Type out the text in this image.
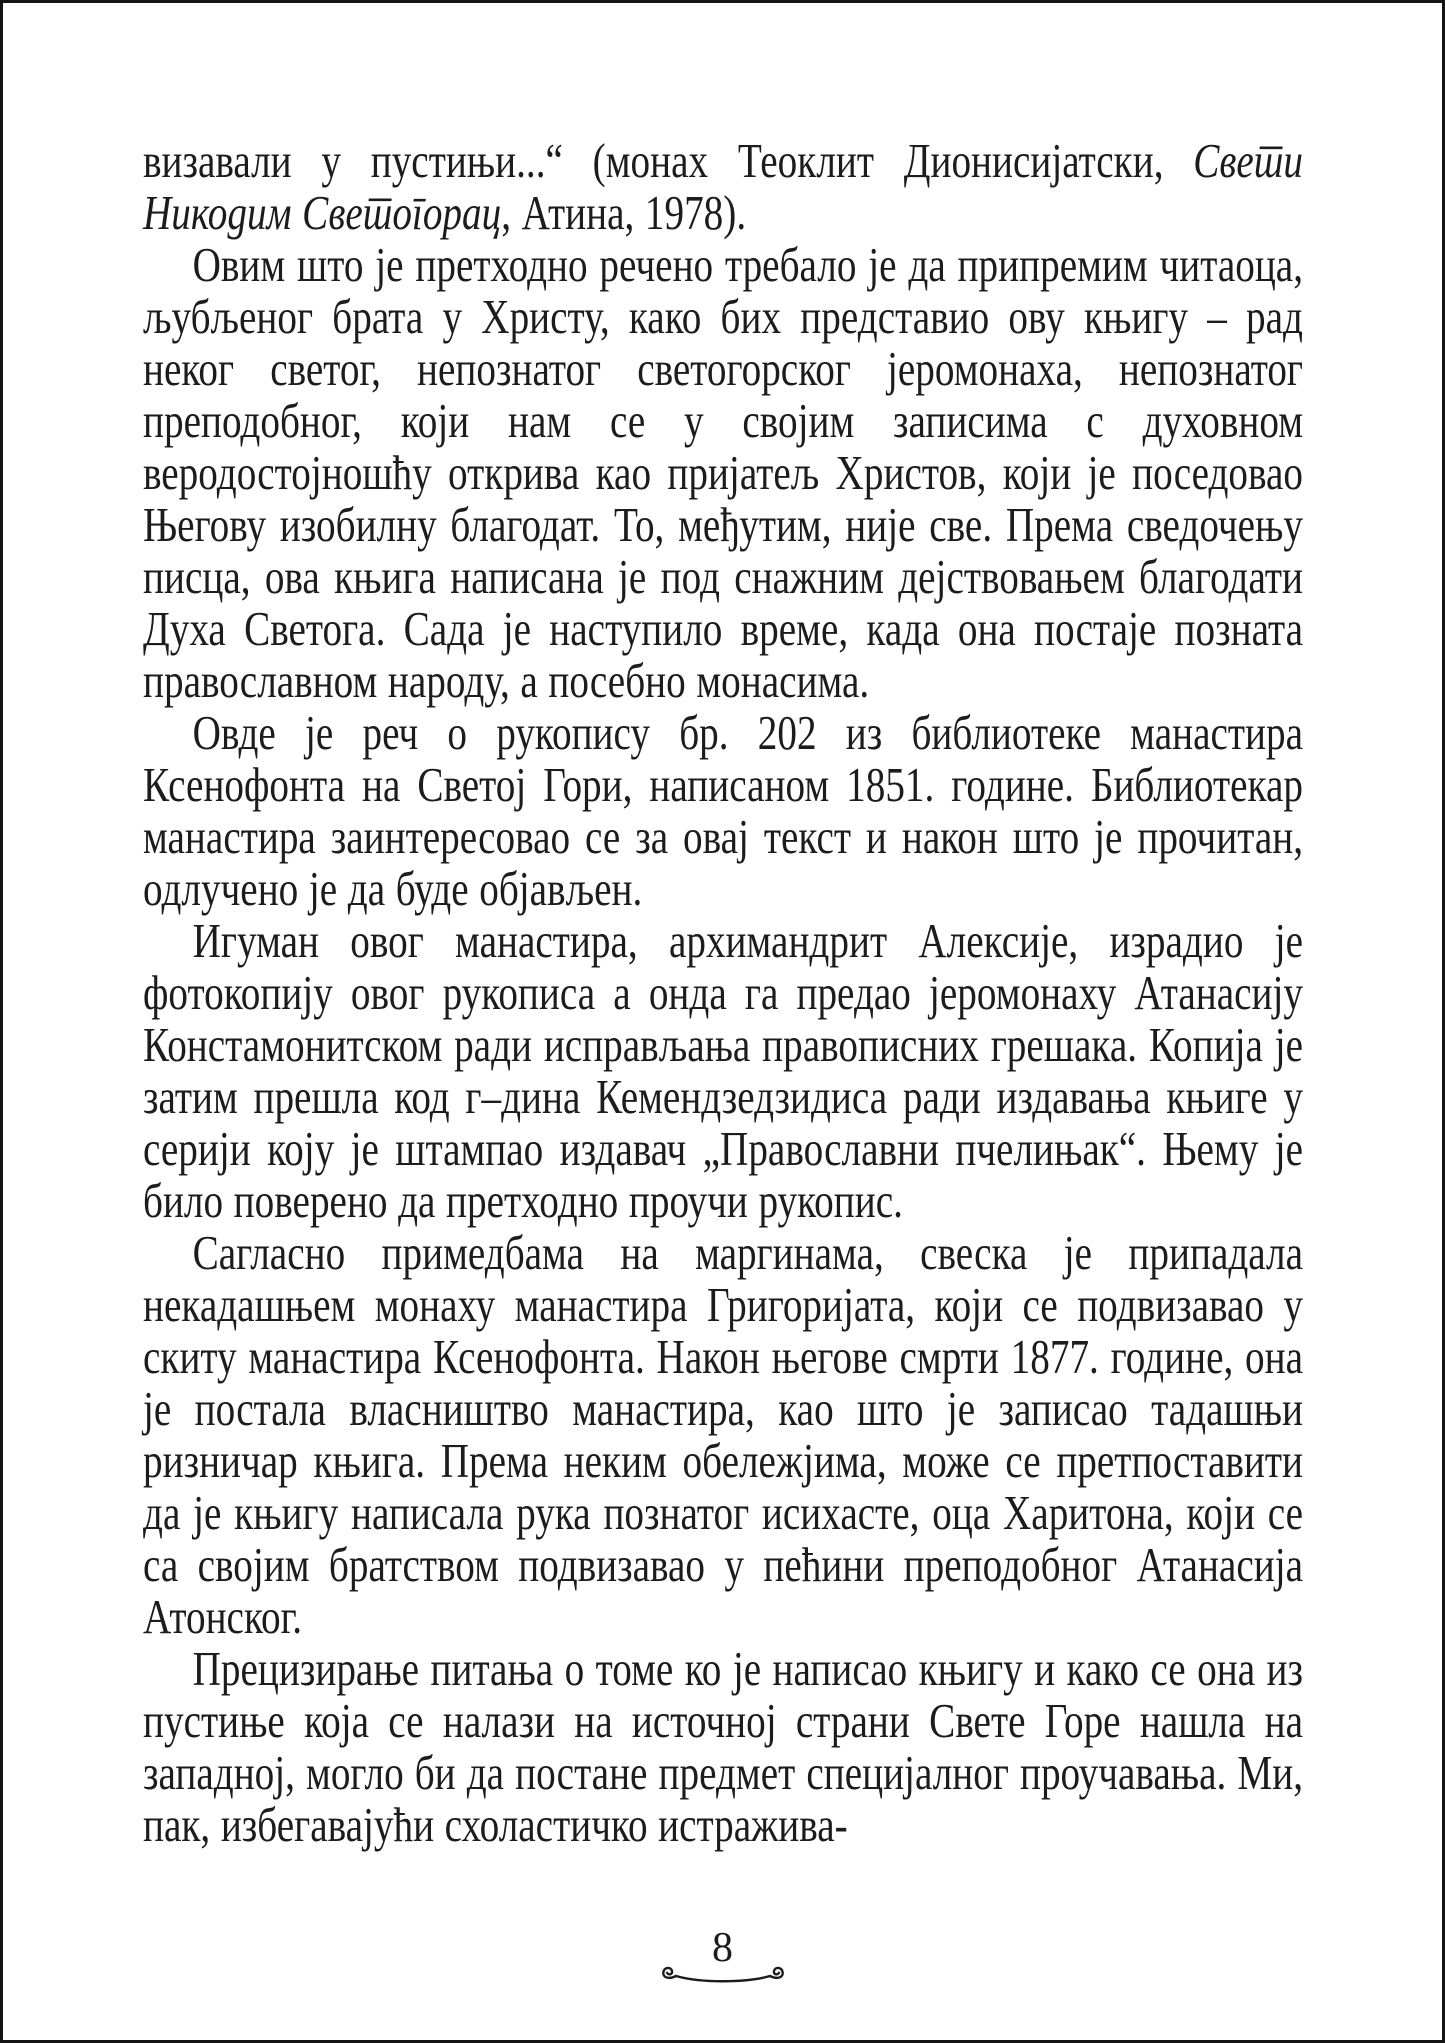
визавали у пустињи...“ (монах Теоклит Дионисијатски, Свети Никодим Светогорац, Атина, 1978).

Овим што је претходно речено требало је да припремим читаоца, љубљеног брата у Христу, како бих представио ову књигу – рад неког светог, непознатог светогорског јеромонаха, непознатог преподобног, који нам се у својим записима с духовном веродостојношћу открива као пријатељ Христов, који је поседовао Његову изобилну благодат. То, међутим, није све. Према сведочењу писца, ова књига написана је под снажним дејствовањем благодати Духа Светога. Сада је наступило време, када она постаје позната православном народу, а посебно монасима.

Овде је реч о рукопису бр. 202 из библиотеке манастира Ксенофонта на Светој Гори, написаном 1851. године. Библиотекар манастира заинтересовао се за овај текст и након што је прочитан, одлучено је да буде објављен.

Игуман овог манастира, архимандрит Алексије, израдио је фотокопију овог рукописа а онда га предао јеромонаху Атанасију Констамонитском ради исправљања правописних грешака. Копија је затим прешла код г–дина Кемендзедзидиса ради издавања књиге у серији коју је штампао издавач „Православни пчелињак“. Њему је било поверено да претходно проучи рукопис.

Сагласно примедбама на маргинама, свеска је припадала некадашњем монаху манастира Григоријата, који се подвизавао у скиту манастира Ксенофонта. Након његове смрти 1877. године, она је постала власништво манастира, као што је записао тадашњи ризничар књига. Према неким обележјима, може се претпоставити да је књигу написала рука познатог исихасте, оца Харитона, који се са својим братством подвизавао у пећини преподобног Атанасија Атонског.

Прецизирање питања о томе ко је написао књигу и како се она из пустиње која се налази на источној страни Свете Горе нашла на западној, могло би да постане предмет специјалног проучавања. Ми, пак, избегавајући схоластичко истражива-

8
